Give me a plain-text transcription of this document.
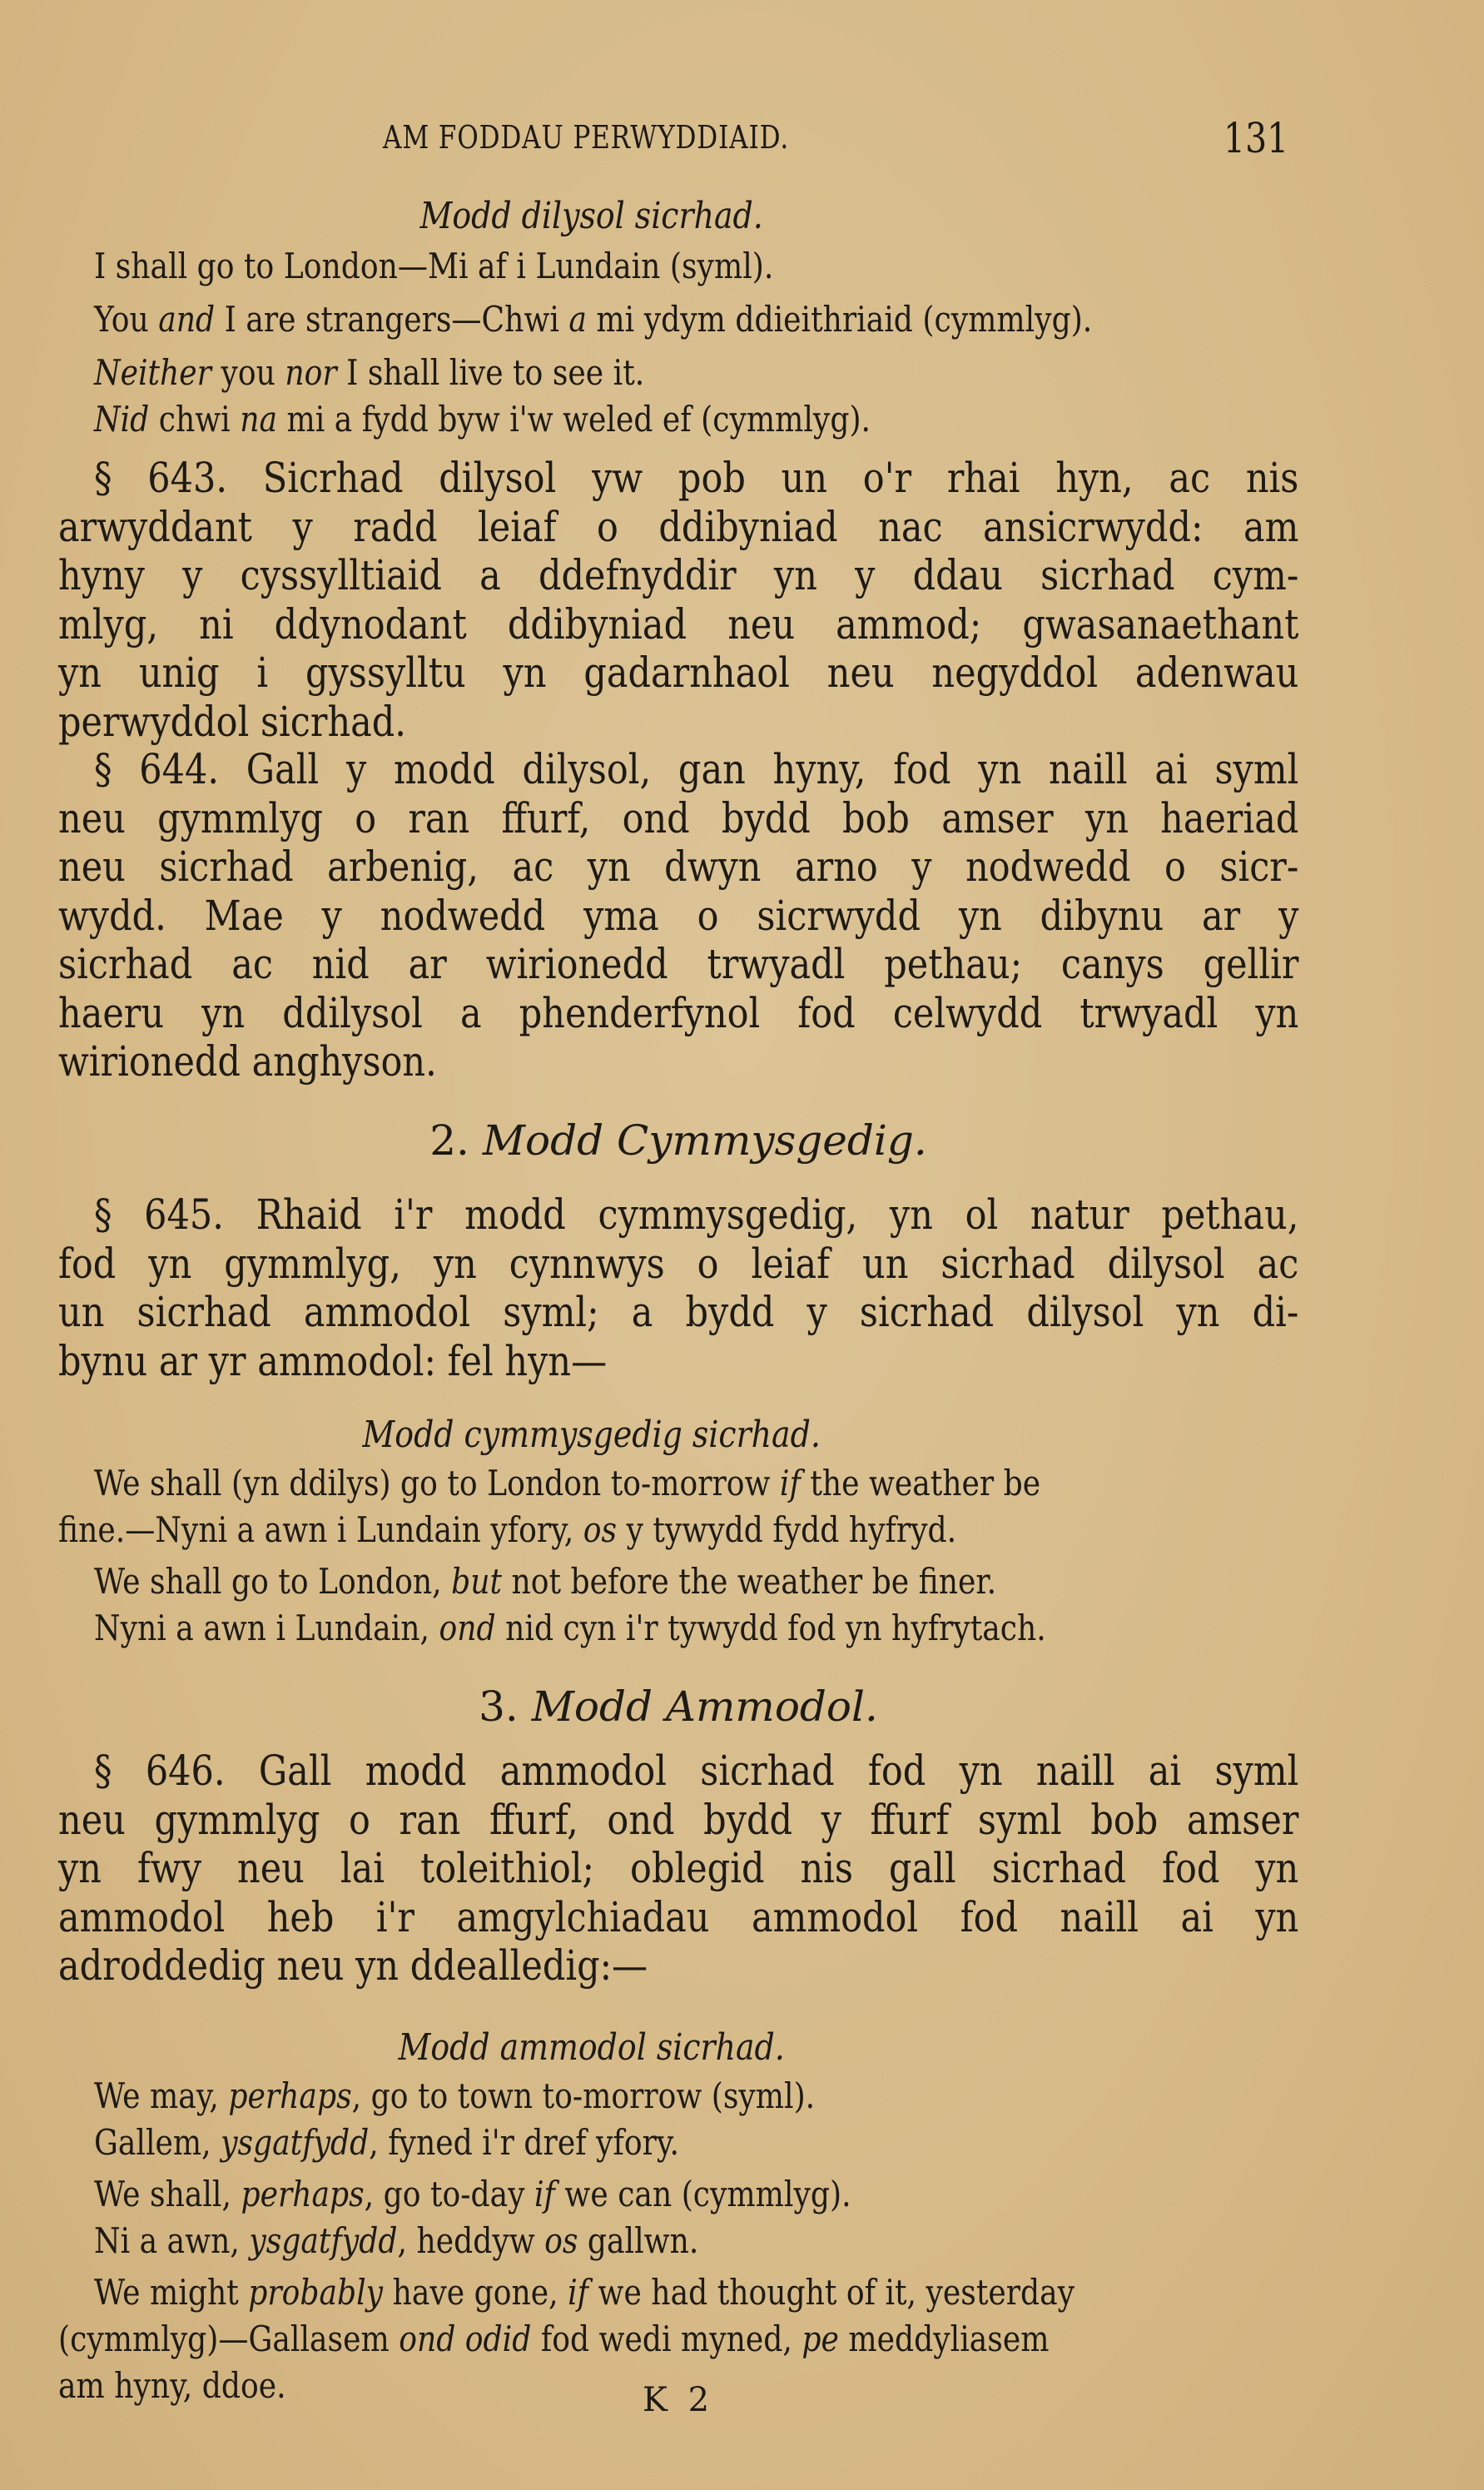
AM FODDAU PERWYDDIAID.	131
Modd dilysol sicrhad.
I shall go to London—Mi af i Lundain (syml).
You and I are strangers—Chwi a mi ydym ddieithriaid (cymmlyg).
Neither you nor I shall live to see it.
Nid chwi na mi a fydd byw i'w weled ef (cymmlyg).
§ 643. Sicrhad dilysol yw pob un o'r rhai hyn, ac nis
arwyddant y radd leiaf o ddibyniad nac ansicrwydd: am
hyny y cyssylltiaid a ddefnyddir yn y ddau sicrhad cym-
mlyg, ni ddynodant ddibyniad neu ammod; gwasanaethant
yn unig i gyssylltu yn gadarnhaol neu negyddol adenwau
perwyddol sicrhad.
§ 644. Gall y modd dilysol, gan hyny, fod yn naill ai syml
neu gymmlyg o ran ffurf, ond bydd bob amser yn haeriad
neu sicrhad arbenig, ac yn dwyn arno y nodwedd o sicr-
wydd. Mae y nodwedd yma o sicrwydd yn dibynu ar y
sicrhad ac nid ar wirionedd trwyadl pethau; canys gellir
haeru yn ddilysol a phenderfynol fod celwydd trwyadl yn
wirionedd anghyson.
2. Modd Cymmysgedig.
§ 645. Rhaid i'r modd cymmysgedig, yn ol natur pethau,
fod yn gymmlyg, yn cynnwys o leiaf un sicrhad dilysol ac
un sicrhad ammodol syml; a bydd y sicrhad dilysol yn di-
bynu ar yr ammodol: fel hyn—
Modd cymmysgedig sicrhad.
We shall (yn ddilys) go to London to-morrow if the weather be
fine.—Nyni a awn i Lundain yfory, os y tywydd fydd hyfryd.
We shall go to London, but not before the weather be finer.
Nyni a awn i Lundain, ond nid cyn i'r tywydd fod yn hyfrytach.
3. Modd Ammodol.
§ 646. Gall modd ammodol sicrhad fod yn naill ai syml
neu gymmlyg o ran ffurf, ond bydd y ffurf syml bob amser
yn fwy neu lai toleithiol; oblegid nis gall sicrhad fod yn
ammodol heb i'r amgylchiadau ammodol fod naill ai yn
adroddedig neu yn ddealledig:—
Modd ammodol sicrhad.
We may, perhaps, go to town to-morrow (syml).
Gallem, ysgatfydd, fyned i'r dref yfory.
We shall, perhaps, go to-day if we can (cymmlyg).
Ni a awn, ysgatfydd, heddyw os gallwn.
We might probably have gone, if we had thought of it, yesterday
(cymmlyg)—Gallasem ond odid fod wedi myned, pe meddyliasem
am hyny, ddoe.	K 2
